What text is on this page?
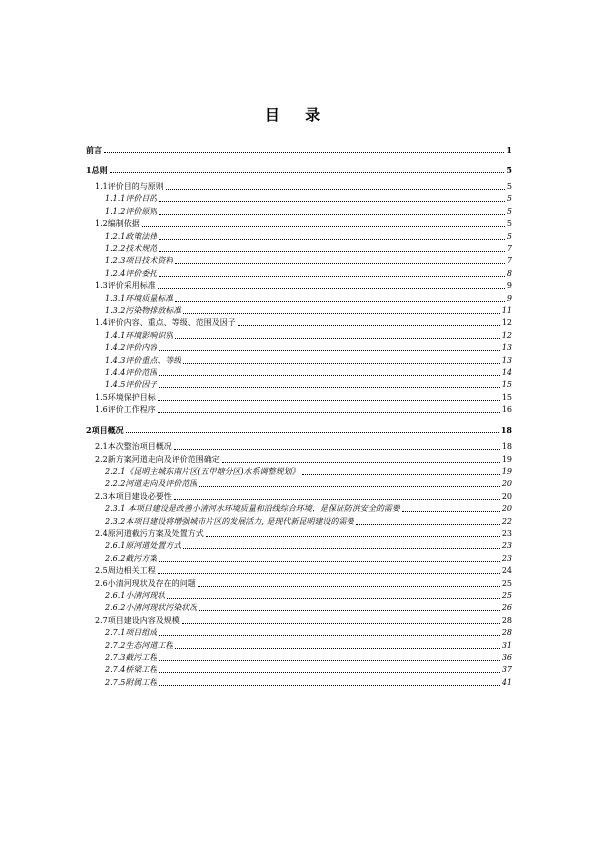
目 录
前言	1
1总则	5
1.1评价目的与原则	5
1.1.1评价目的	5
1.1.2评价原则	5
1.2编制依据	5
1.2.1政策法律	5
1.2.2技术规范	7
1.2.3项目技术资料	7
1.2.4评价委托	8
1.3评价采用标准	9
1.3.1环境质量标准	9
1.3.2污染物排放标准	11
1.4评价内容、重点、等级、范围及因子	12
1.4.1环境影响识别	12
1.4.2评价内容	13
1.4.3评价重点、等级	13
1.4.4评价范围	14
1.4.5评价因子	15
1.5环境保护目标	15
1.6评价工作程序	16
2项目概况	18
2.1本次整治项目概况	18
2.2新方案河道走向及评价范围确定	19
2.2.1《昆明主城东南片区(五甲塘分区)水系调整规划》	19
2.2.2河道走向及评价范围	20
2.3本项目建设必要性	20
2.3.1 本项目建设是改善小清河水环境质量和沿线综合环境、是保证防洪安全的需要	20
2.3.2本项目建设将增强城市片区的发展活力, 是现代新昆明建设的需要	22
2.4原河道截污方案及处置方式	23
2.6.1原河道处置方式	23
2.6.2截污方案	23
2.5周边相关工程	24
2.6小清河现状及存在的问题	25
2.6.1小清河现状	25
2.6.2小清河现状污染状况	26
2.7项目建设内容及规模	28
2.7.1项目组成	28
2.7.2生态河道工程	31
2.7.3截污工程	36
2.7.4桥梁工程	37
2.7.5附属工程	41
